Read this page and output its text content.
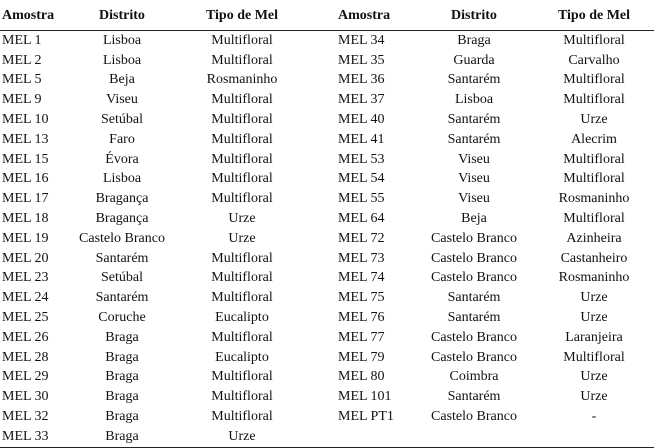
Amostra	Distrito	Tipo de Mel		Amostra	Distrito	Tipo de Mel
MEL 1	Lisboa	Multifloral		MEL 34	Braga	Multifloral
MEL 2	Lisboa	Multifloral		MEL 35	Guarda	Carvalho
MEL 5	Beja	Rosmaninho		MEL 36	Santarém	Multifloral
MEL 9	Viseu	Multifloral		MEL 37	Lisboa	Multifloral
MEL 10	Setúbal	Multifloral		MEL 40	Santarém	Urze
MEL 13	Faro	Multifloral		MEL 41	Santarém	Alecrim
MEL 15	Évora	Multifloral		MEL 53	Viseu	Multifloral
MEL 16	Lisboa	Multifloral		MEL 54	Viseu	Multifloral
MEL 17	Bragança	Multifloral		MEL 55	Viseu	Rosmaninho
MEL 18	Bragança	Urze		MEL 64	Beja	Multifloral
MEL 19	Castelo Branco	Urze		MEL 72	Castelo Branco	Azinheira
MEL 20	Santarém	Multifloral		MEL 73	Castelo Branco	Castanheiro
MEL 23	Setúbal	Multifloral		MEL 74	Castelo Branco	Rosmaninho
MEL 24	Santarém	Multifloral		MEL 75	Santarém	Urze
MEL 25	Coruche	Eucalipto		MEL 76	Santarém	Urze
MEL 26	Braga	Multifloral		MEL 77	Castelo Branco	Laranjeira
MEL 28	Braga	Eucalipto		MEL 79	Castelo Branco	Multifloral
MEL 29	Braga	Multifloral		MEL 80	Coimbra	Urze
MEL 30	Braga	Multifloral		MEL 101	Santarém	Urze
MEL 32	Braga	Multifloral		MEL PT1	Castelo Branco	-
MEL 33	Braga	Urze				
